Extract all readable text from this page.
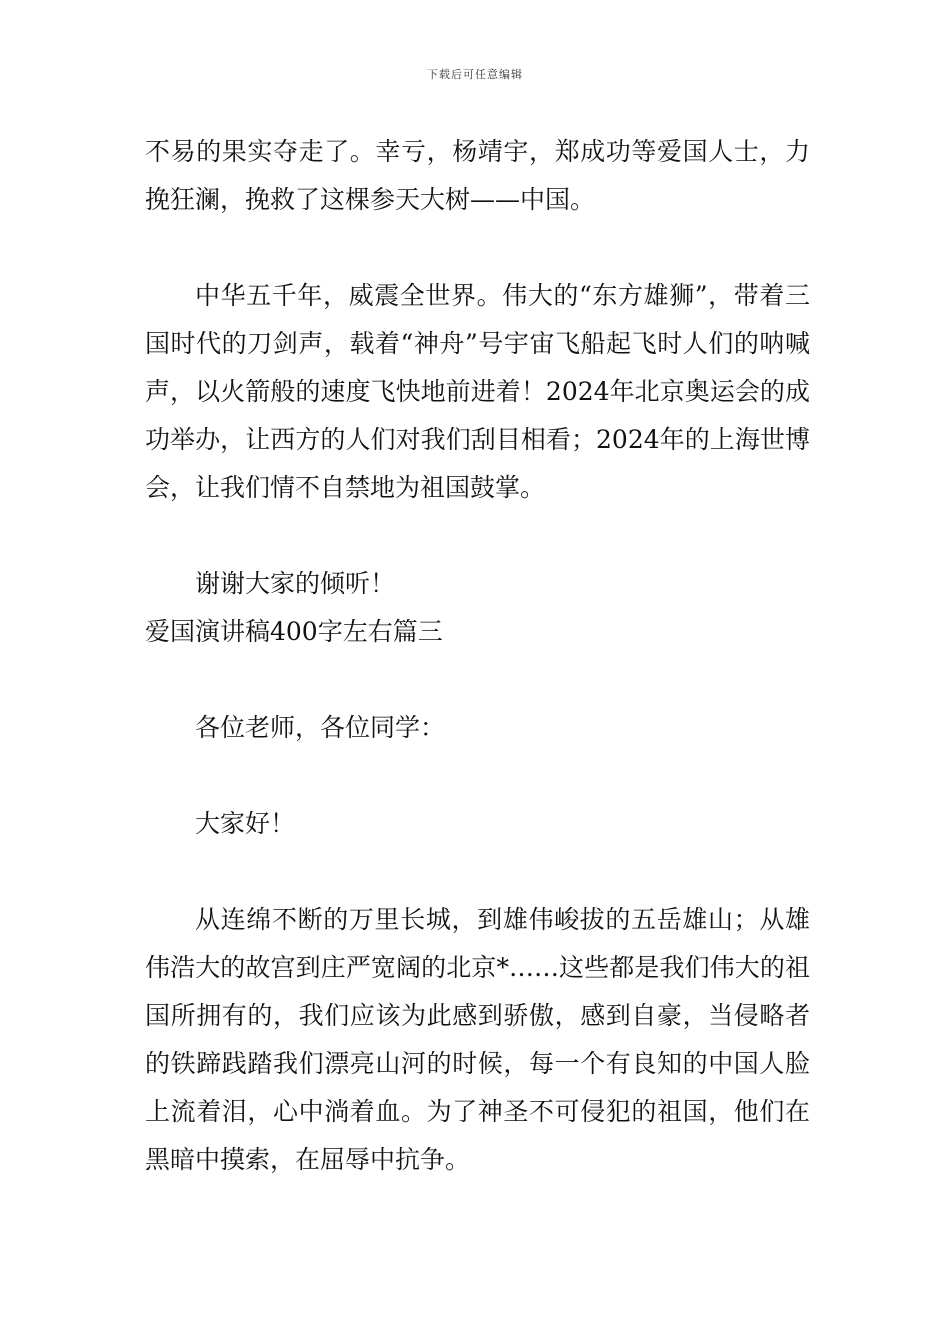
下载后可任意编辑

不易的果实夺走了。幸亏，杨靖宇，郑成功等爱国人士，力挽狂澜，挽救了这棵参天大树——中国。

中华五千年，威震全世界。伟大的“东方雄狮”，带着三国时代的刀剑声，载着“神舟”号宇宙飞船起飞时人们的呐喊声，以火箭般的速度飞快地前进着！2024年北京奥运会的成功举办，让西方的人们对我们刮目相看；2024年的上海世博会，让我们情不自禁地为祖国鼓掌。

谢谢大家的倾听！

爱国演讲稿400字左右篇三

各位老师，各位同学：

大家好！

从连绵不断的万里长城，到雄伟峻拔的五岳雄山；从雄伟浩大的故宫到庄严宽阔的北京*……这些都是我们伟大的祖国所拥有的，我们应该为此感到骄傲，感到自豪，当侵略者的铁蹄践踏我们漂亮山河的时候，每一个有良知的中国人脸上流着泪，心中淌着血。为了神圣不可侵犯的祖国，他们在黑暗中摸索，在屈辱中抗争。
